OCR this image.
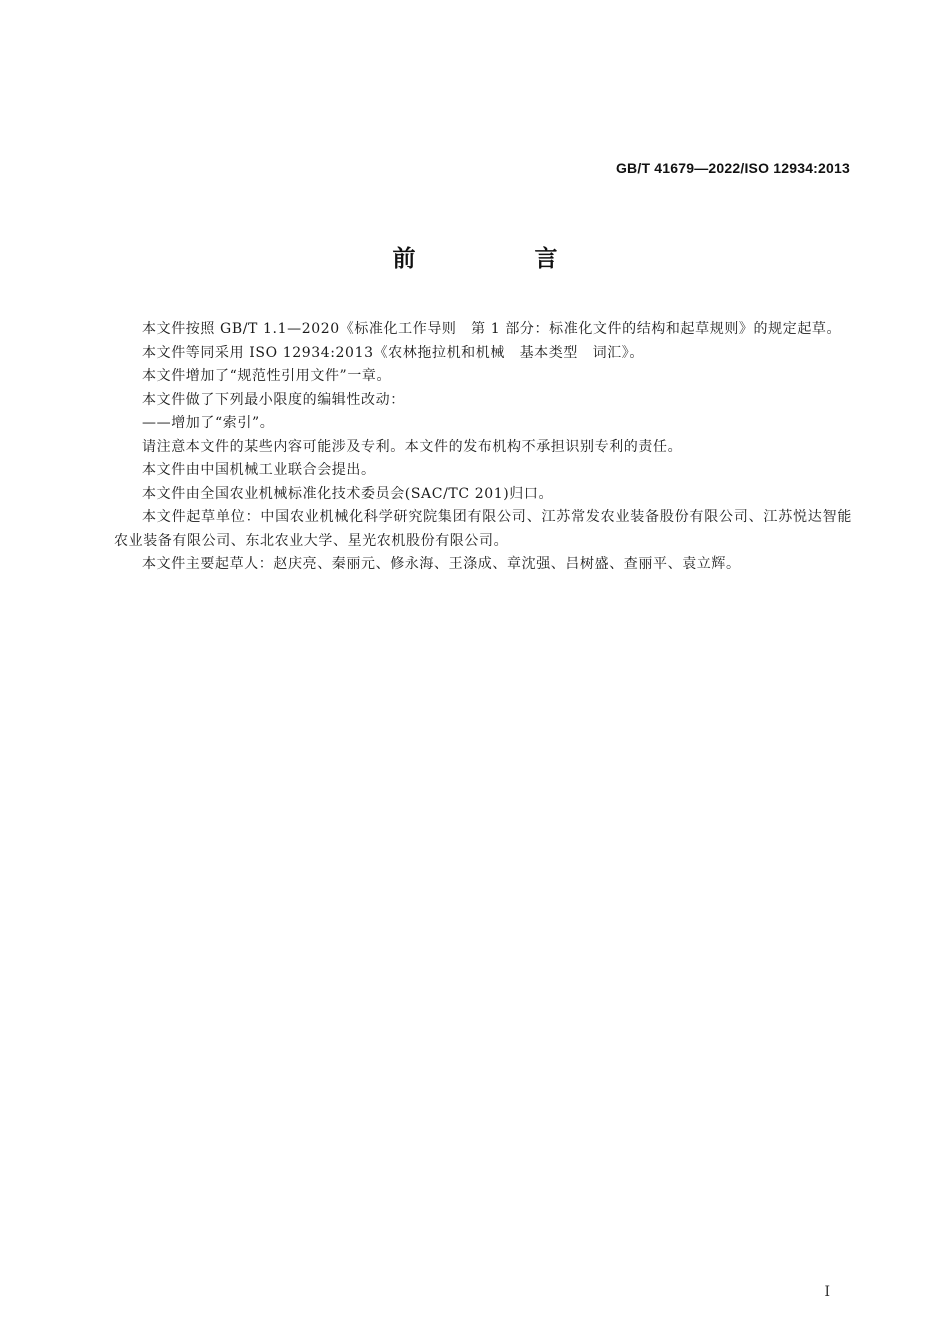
GB/T 41679—2022/ISO 12934:2013
前　言

本文件按照 GB/T 1.1—2020《标准化工作导则　第 1 部分：标准化文件的结构和起草规则》的规定起草。

本文件等同采用 ISO 12934:2013《农林拖拉机和机械　基本类型　词汇》。

本文件增加了“规范性引用文件”一章。

本文件做了下列最小限度的编辑性改动：

——增加了“索引”。

请注意本文件的某些内容可能涉及专利。本文件的发布机构不承担识别专利的责任。

本文件由中国机械工业联合会提出。

本文件由全国农业机械标准化技术委员会(SAC/TC 201)归口。

本文件起草单位：中国农业机械化科学研究院集团有限公司、江苏常发农业装备股份有限公司、江苏悦达智能农业装备有限公司、东北农业大学、星光农机股份有限公司。

本文件主要起草人：赵庆亮、秦丽元、修永海、王涤成、章沈强、吕树盛、查丽平、袁立辉。

I
